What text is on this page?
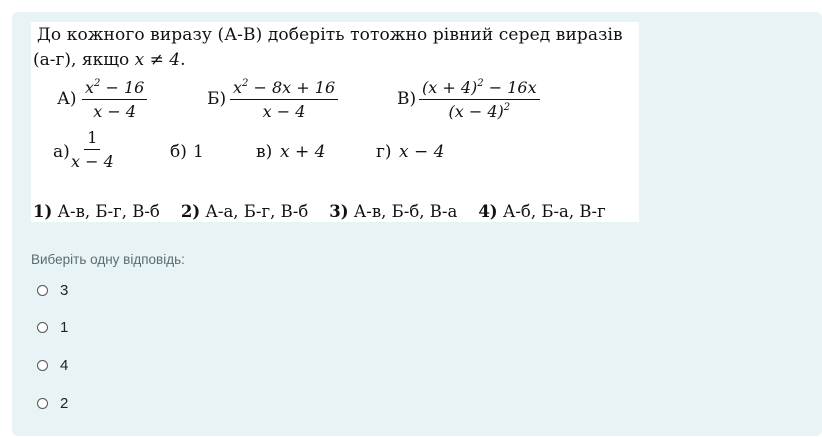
До кожного виразу (А-В) доберіть тотожно рівний серед виразів
(а-г), якщо x ≠ 4.
$А) \frac{x^2 - 16}{x - 4}$	$Б) \frac{x^2 - 8x + 16}{x - 4}$	$В) \frac{(x + 4)^2 - 16x}{(x - 4)^2}$
$а) \frac{1}{x - 4}$	б) 1	в) x + 4	г) x − 4
1) А-в, Б-г, В-б 2) А-а, Б-г, В-б 3) А-в, Б-б, В-а 4) А-б, Б-а, В-г
Виберіть одну відповідь:
3
1
4
2
